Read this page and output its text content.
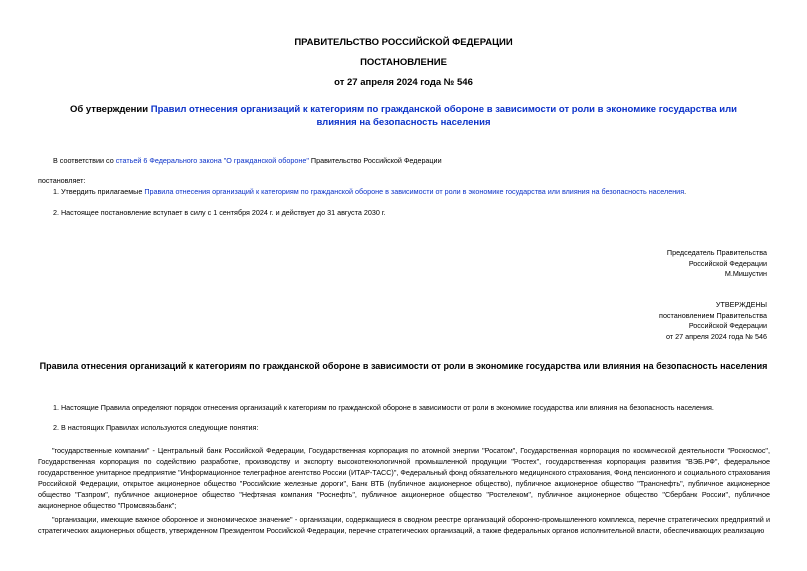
ПРАВИТЕЛЬСТВО РОССИЙСКОЙ ФЕДЕРАЦИИ
ПОСТАНОВЛЕНИЕ
от 27 апреля 2024 года № 546
Об утверждении Правил отнесения организаций к категориям по гражданской обороне в зависимости от роли в экономике государства или влияния на безопасность населения
В соответствии со статьей 6 Федерального закона "О гражданской обороне" Правительство Российской Федерации
постановляет:
1. Утвердить прилагаемые Правила отнесения организаций к категориям по гражданской обороне в зависимости от роли в экономике государства или влияния на безопасность населения.
2. Настоящее постановление вступает в силу с 1 сентября 2024 г. и действует до 31 августа 2030 г.
Председатель Правительства
Российской Федерации
М.Мишустин
УТВЕРЖДЕНЫ
постановлением Правительства
Российской Федерации
от 27 апреля 2024 года № 546
Правила отнесения организаций к категориям по гражданской обороне в зависимости от роли в экономике государства или влияния на безопасность населения
1. Настоящие Правила определяют порядок отнесения организаций к категориям по гражданской обороне в зависимости от роли в экономике государства или влияния на безопасность населения.
2. В настоящих Правилах используются следующие понятия:
"государственные компании" - Центральный банк Российской Федерации, Государственная корпорация по атомной энергии "Росатом", Государственная корпорация по космической деятельности "Роскосмос", Государственная корпорация по содействию разработке, производству и экспорту высокотехнологичной промышленной продукции "Ростех", государственная корпорация развития "ВЭБ.РФ", федеральное государственное унитарное предприятие "Информационное телеграфное агентство России (ИТАР-ТАСС)", Федеральный фонд обязательного медицинского страхования, Фонд пенсионного и социального страхования Российской Федерации, открытое акционерное общество "Российские железные дороги", Банк ВТБ (публичное акционерное общество), публичное акционерное общество "Транснефть", публичное акционерное общество "Газпром", публичное акционерное общество "Нефтяная компания "Роснефть", публичное акционерное общество "Ростелеком", публичное акционерное общество "Сбербанк России", публичное акционерное общество "Промсвязьбанк";
"организации, имеющие важное оборонное и экономическое значение" - организации, содержащиеся в сводном реестре организаций оборонно-промышленного комплекса, перечне стратегических предприятий и стратегических акционерных обществ, утвержденном Президентом Российской Федерации, перечне стратегических организаций, а также федеральных органов исполнительной власти, обеспечивающих реализацию
